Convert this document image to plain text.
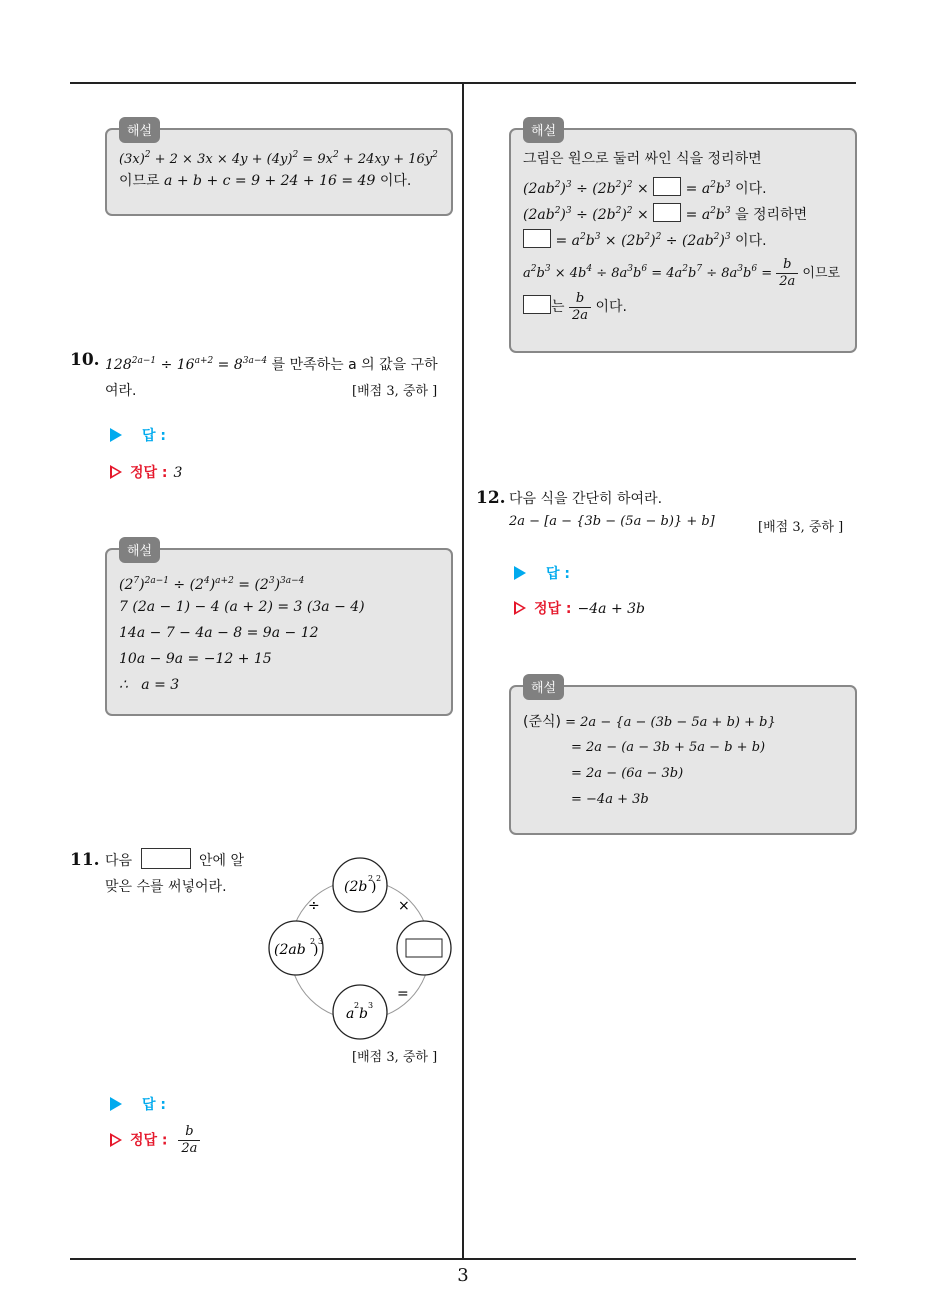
해설
$(3x)^2 + 2 \times 3x \times 4y + (4y)^2 = 9x^2 + 24xy + 16y^2$
이므로 a + b + c = 9 + 24 + 16 = 49 이다.
10. $128^{2a-1} \div 16^{a+2} = 8^{3a-4}$ 를 만족하는 a 의 값을 구하
여라.	[배점 3, 중하 ]
답 :
정답 : 3
해설
$(2^7)^{2a-1} \div (2^4)^{a+2} = (2^3)^{3a-4}$
7 (2a − 1) − 4 (a + 2) = 3 (3a − 4)
14a − 7 − 4a − 8 = 9a − 12
10a − 9a = −12 + 15
∴   a = 3
11. 다음	안에 알
맞은 수를 써넣어라.	(2b
2
)
2
(2ab
2
)
3
a
2
b
3
÷	×
=
[배점 3, 중하 ]
답 :
정답 : $\frac{b}{2a}$
해설
그림은 원으로 둘러 싸인 식을 정리하면
$(2ab^2)^3 \div (2b^2)^2$ ×  = $a^2b^3$ 이다.
$(2ab^2)^3 \div (2b^2)^2$ ×  = $a^2b^3$ 을 정리하면
= $a^2b^3 \times (2b^2)^2 \div (2ab^2)^3$ 이다.
$a^2b^3 \times 4b^4 \div 8a^3b^6 = 4a^2b^7 \div 8a^3b^6 = \frac{b}{2a}$ 이므로
는 $\frac{b}{2a}$ 이다.
12. 다음 식을 간단히 하여라.
2a − [a − {3b − (5a − b)} + b]	[배점 3, 중하 ]
답 :
정답 : −4a + 3b
해설
(준식) = 2a − {a − (3b − 5a + b) + b}
= 2a − (a − 3b + 5a − b + b)
= 2a − (6a − 3b)
= −4a + 3b
3
